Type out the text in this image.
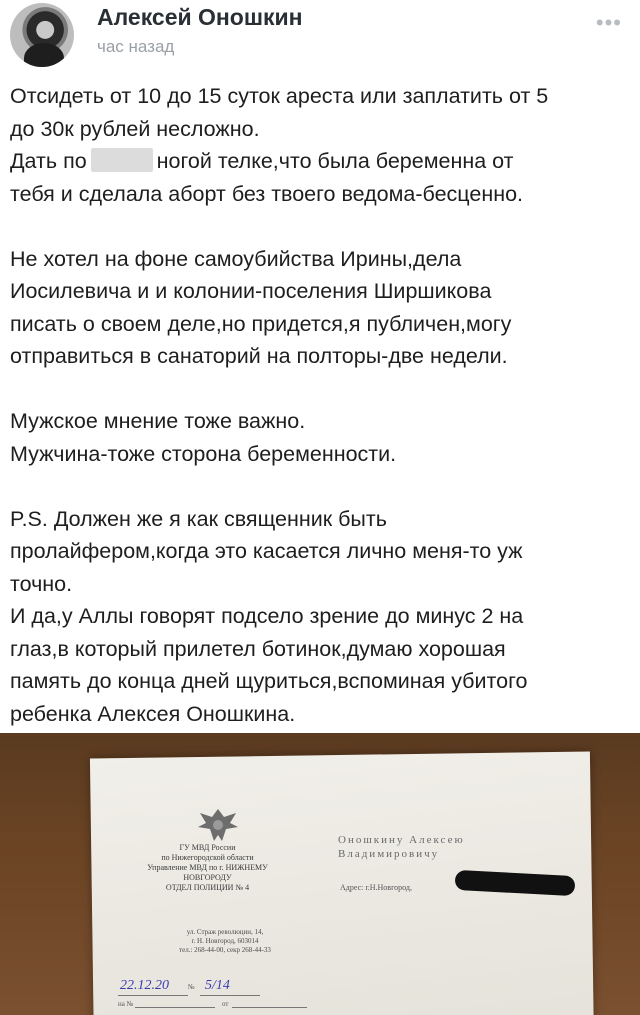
Алексей Оношкин
час назад
•••

Отсидеть от 10 до 15 суток ареста или заплатить от 5

до 30к рублей несложно.

Дать по	ногой телке,что была беременна от

тебя и сделала аборт без твоего ведома-бесценно.

Не хотел на фоне самоубийства Ирины,дела

Иосилевича и и колонии-поселения Ширшикова

писать о своем деле,но придется,я публичен,могу

отправиться в санаторий на полторы-две недели.

Мужское мнение тоже важно.

Мужчина-тоже сторона беременности.

P.S. Должен же я как священник быть

пролайфером,когда это касается лично меня-то уж

точно.

И да,у Аллы говорят подсело зрение до минус 2 на

глаз,в который прилетел ботинок,думаю хорошая

память до конца дней щуриться,вспоминая убитого

ребенка Алексея Оношкина.

ГУ МВД России
по Нижегородской области
Управление МВД по г. НИЖНЕМУ
НОВГОРОДУ
ОТДЕЛ ПОЛИЦИИ № 4
ул. Страж революции, 14,
г. Н. Новгород, 603014
тел.: 268-44-00, секр 268-44-33
Оношкину Алексею
Владимировичу
Адрес: г.Н.Новгород,
22.12.20	№ 5/14
на №	от
